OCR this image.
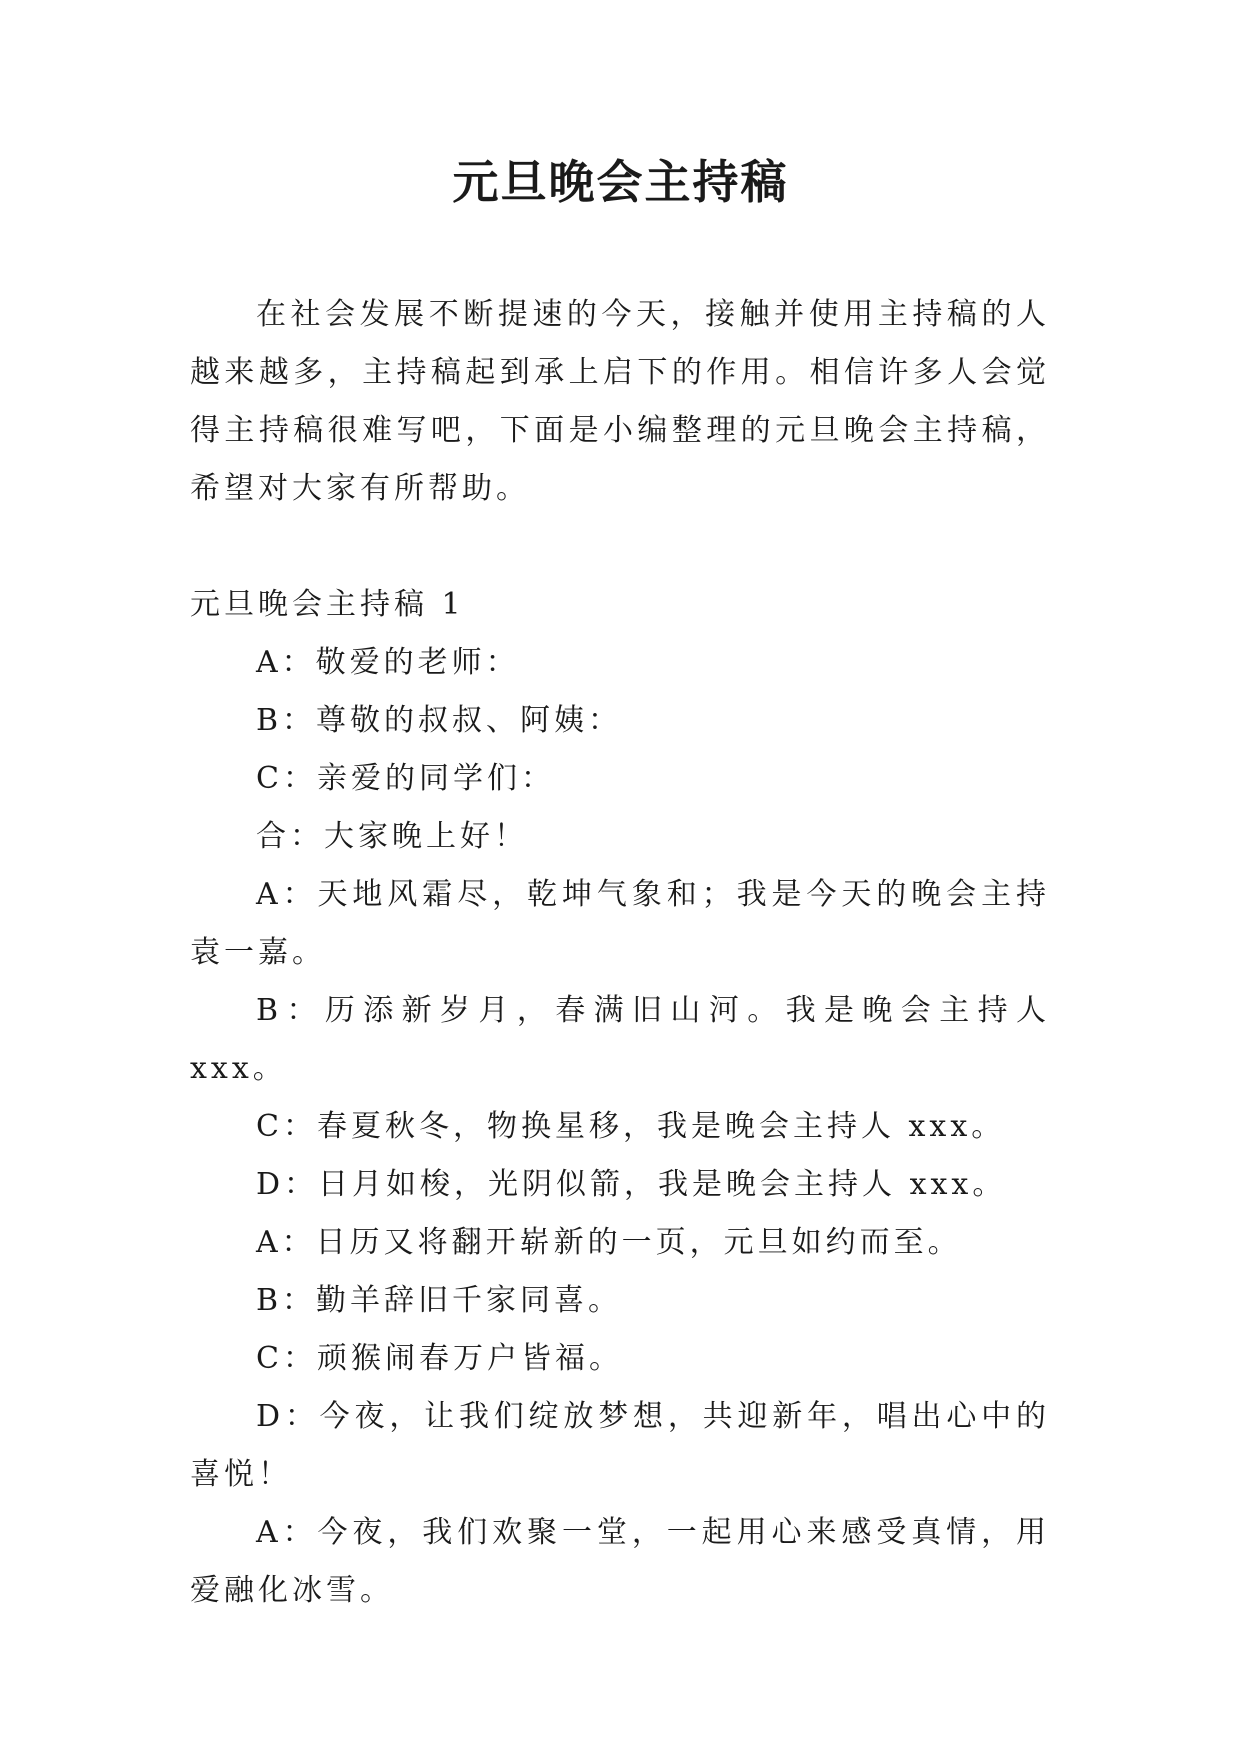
元旦晚会主持稿

在社会发展不断提速的今天，接触并使用主持稿的人越来越多，主持稿起到承上启下的作用。相信许多人会觉得主持稿很难写吧，下面是小编整理的元旦晚会主持稿，希望对大家有所帮助。

元旦晚会主持稿 1

A：敬爱的老师：

B：尊敬的叔叔、阿姨：

C：亲爱的同学们：

合：大家晚上好！

A：天地风霜尽，乾坤气象和；我是今天的晚会主持袁一嘉。

B：历添新岁月，春满旧山河。我是晚会主持人 xxx。

C：春夏秋冬，物换星移，我是晚会主持人 xxx。

D：日月如梭，光阴似箭，我是晚会主持人 xxx。

A：日历又将翻开崭新的一页，元旦如约而至。

B：勤羊辞旧千家同喜。

C：顽猴闹春万户皆福。

D：今夜，让我们绽放梦想，共迎新年，唱出心中的喜悦！

A：今夜，我们欢聚一堂，一起用心来感受真情，用爱融化冰雪。
